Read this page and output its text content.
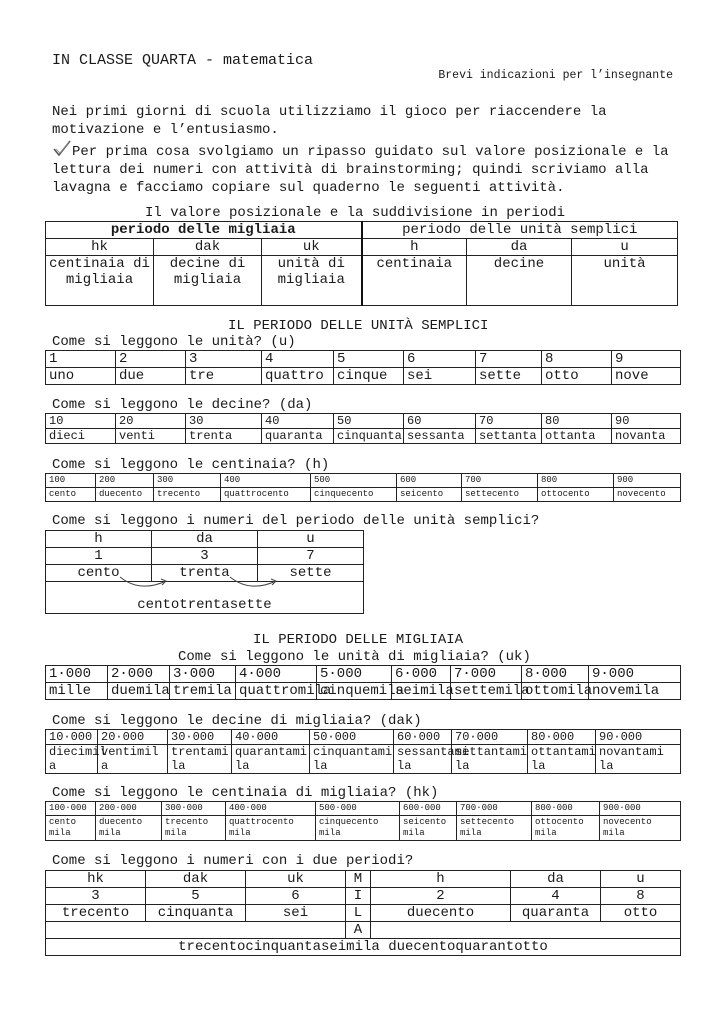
IN CLASSE QUARTA - matematica
Brevi indicazioni per l’insegnante
Nei primi giorni di scuola utilizziamo il gioco per riaccendere la motivazione e l’entusiasmo.
Per prima cosa svolgiamo un ripasso guidato sul valore posizionale e la lettura dei numeri con attività di brainstorming; quindi scriviamo alla lavagna e facciamo copiare sul quaderno le seguenti attività.
Il valore posizionale e la suddivisione in periodi
periodo delle migliaia			periodo delle unità semplici		
hk	dak	uk	h	da	u
centinaia di migliaia	decine di migliaia	unità di migliaia	centinaia	decine	unità
IL PERIODO DELLE UNITÀ SEMPLICI
Come si leggono le unità? (u)
1	2	3	4	5	6	7	8	9
uno	due	tre	quattro	cinque	sei	sette	otto	nove
Come si leggono le decine? (da)
10	20	30	40	50	60	70	80	90
dieci	venti	trenta	quaranta	cinquanta	sessanta	settanta	ottanta	novanta
Come si leggono le centinaia? (h)
100	200	300	400	500	600	700	800	900
cento	duecento	trecento	quattrocento	cinquecento	seicento	settecento	ottocento	novecento
Come si leggono i numeri del periodo delle unità semplici?
h	da	u
1	3	7
cento	trenta	sette
centotrentasette		
IL PERIODO DELLE MIGLIAIA
Come si leggono le unità di migliaia? (uk)
1·000	2·000	3·000	4·000	5·000	6·000	7·000	8·000	9·000
mille	duemila	tremila	quattromila	cinquemila	seimila	settemila	ottomila	novemila
Come si leggono le decine di migliaia? (dak)
10·000	20·000	30·000	40·000	50·000	60·000	70·000	80·000	90·000
diecimil a	ventimil a	trentami la	quarantami la	cinquantami la	sessantami la	settantami la	ottantami la	novantami la
Come si leggono le centinaia di migliaia? (hk)
100·000	200·000	300·000	400·000	500·000	600·000	700·000	800·000	900·000
cento mila	duecento mila	trecento mila	quattrocento mila	cinquecento mila	seicento mila	settecento mila	ottocento mila	novecento mila
Come si leggono i numeri con i due periodi?
hk	dak	uk	M	h	da	u
3	5	6	I	2	4	8
trecento	cinquanta	sei	L	duecento	quaranta	otto
			A			
trecentocinquantaseimila duecentoquarantotto						
